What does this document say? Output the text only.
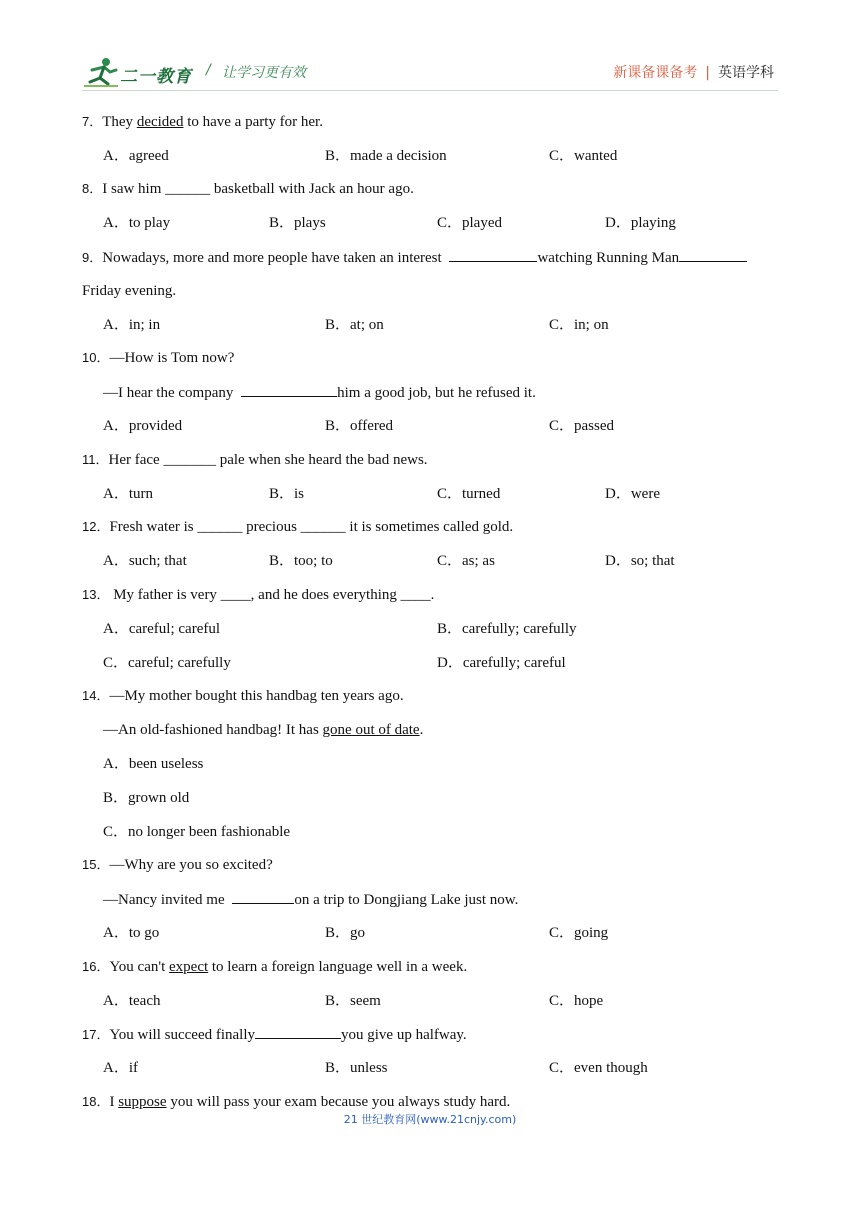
二一教育 / 让学习更有效	新课备课备考 | 英语学科
7．They decided to have a party for her.
A．agreed	B．made a decision	C．wanted
8．I saw him ______ basketball with Jack an hour ago.
A．to play	B．plays	C．played	D．playing
9．Nowadays, more and more people have taken an interest	watching Running Man
Friday evening.
A．in; in	B．at; on	C．in; on
10．—How is Tom now?
—I hear the company	him a good job, but he refused it.
A．provided	B．offered	C．passed
11．Her face _______ pale when she heard the bad news.
A．turn	B．is	C．turned	D．were
12．Fresh water is ______ precious ______ it is sometimes called gold.
A．such; that	B．too; to	C．as; as	D．so; that
13． My father is very ____, and he does everything ____.
A．careful; careful	B．carefully; carefully
C．careful; carefully	D．carefully; careful
14．—My mother bought this handbag ten years ago.
—An old-fashioned handbag! It has gone out of date.
A．been useless
B．grown old
C．no longer been fashionable
15．—Why are you so excited?
—Nancy invited me	on a trip to Dongjiang Lake just now.
A．to go	B．go	C．going
16．You can't expect to learn a foreign language well in a week.
A．teach	B．seem	C．hope
17．You will succeed finally	you give up halfway.
A．if	B．unless	C．even though
18．I suppose you will pass your exam because you always study hard.
21 世纪教育网(www.21cnjy.com)
